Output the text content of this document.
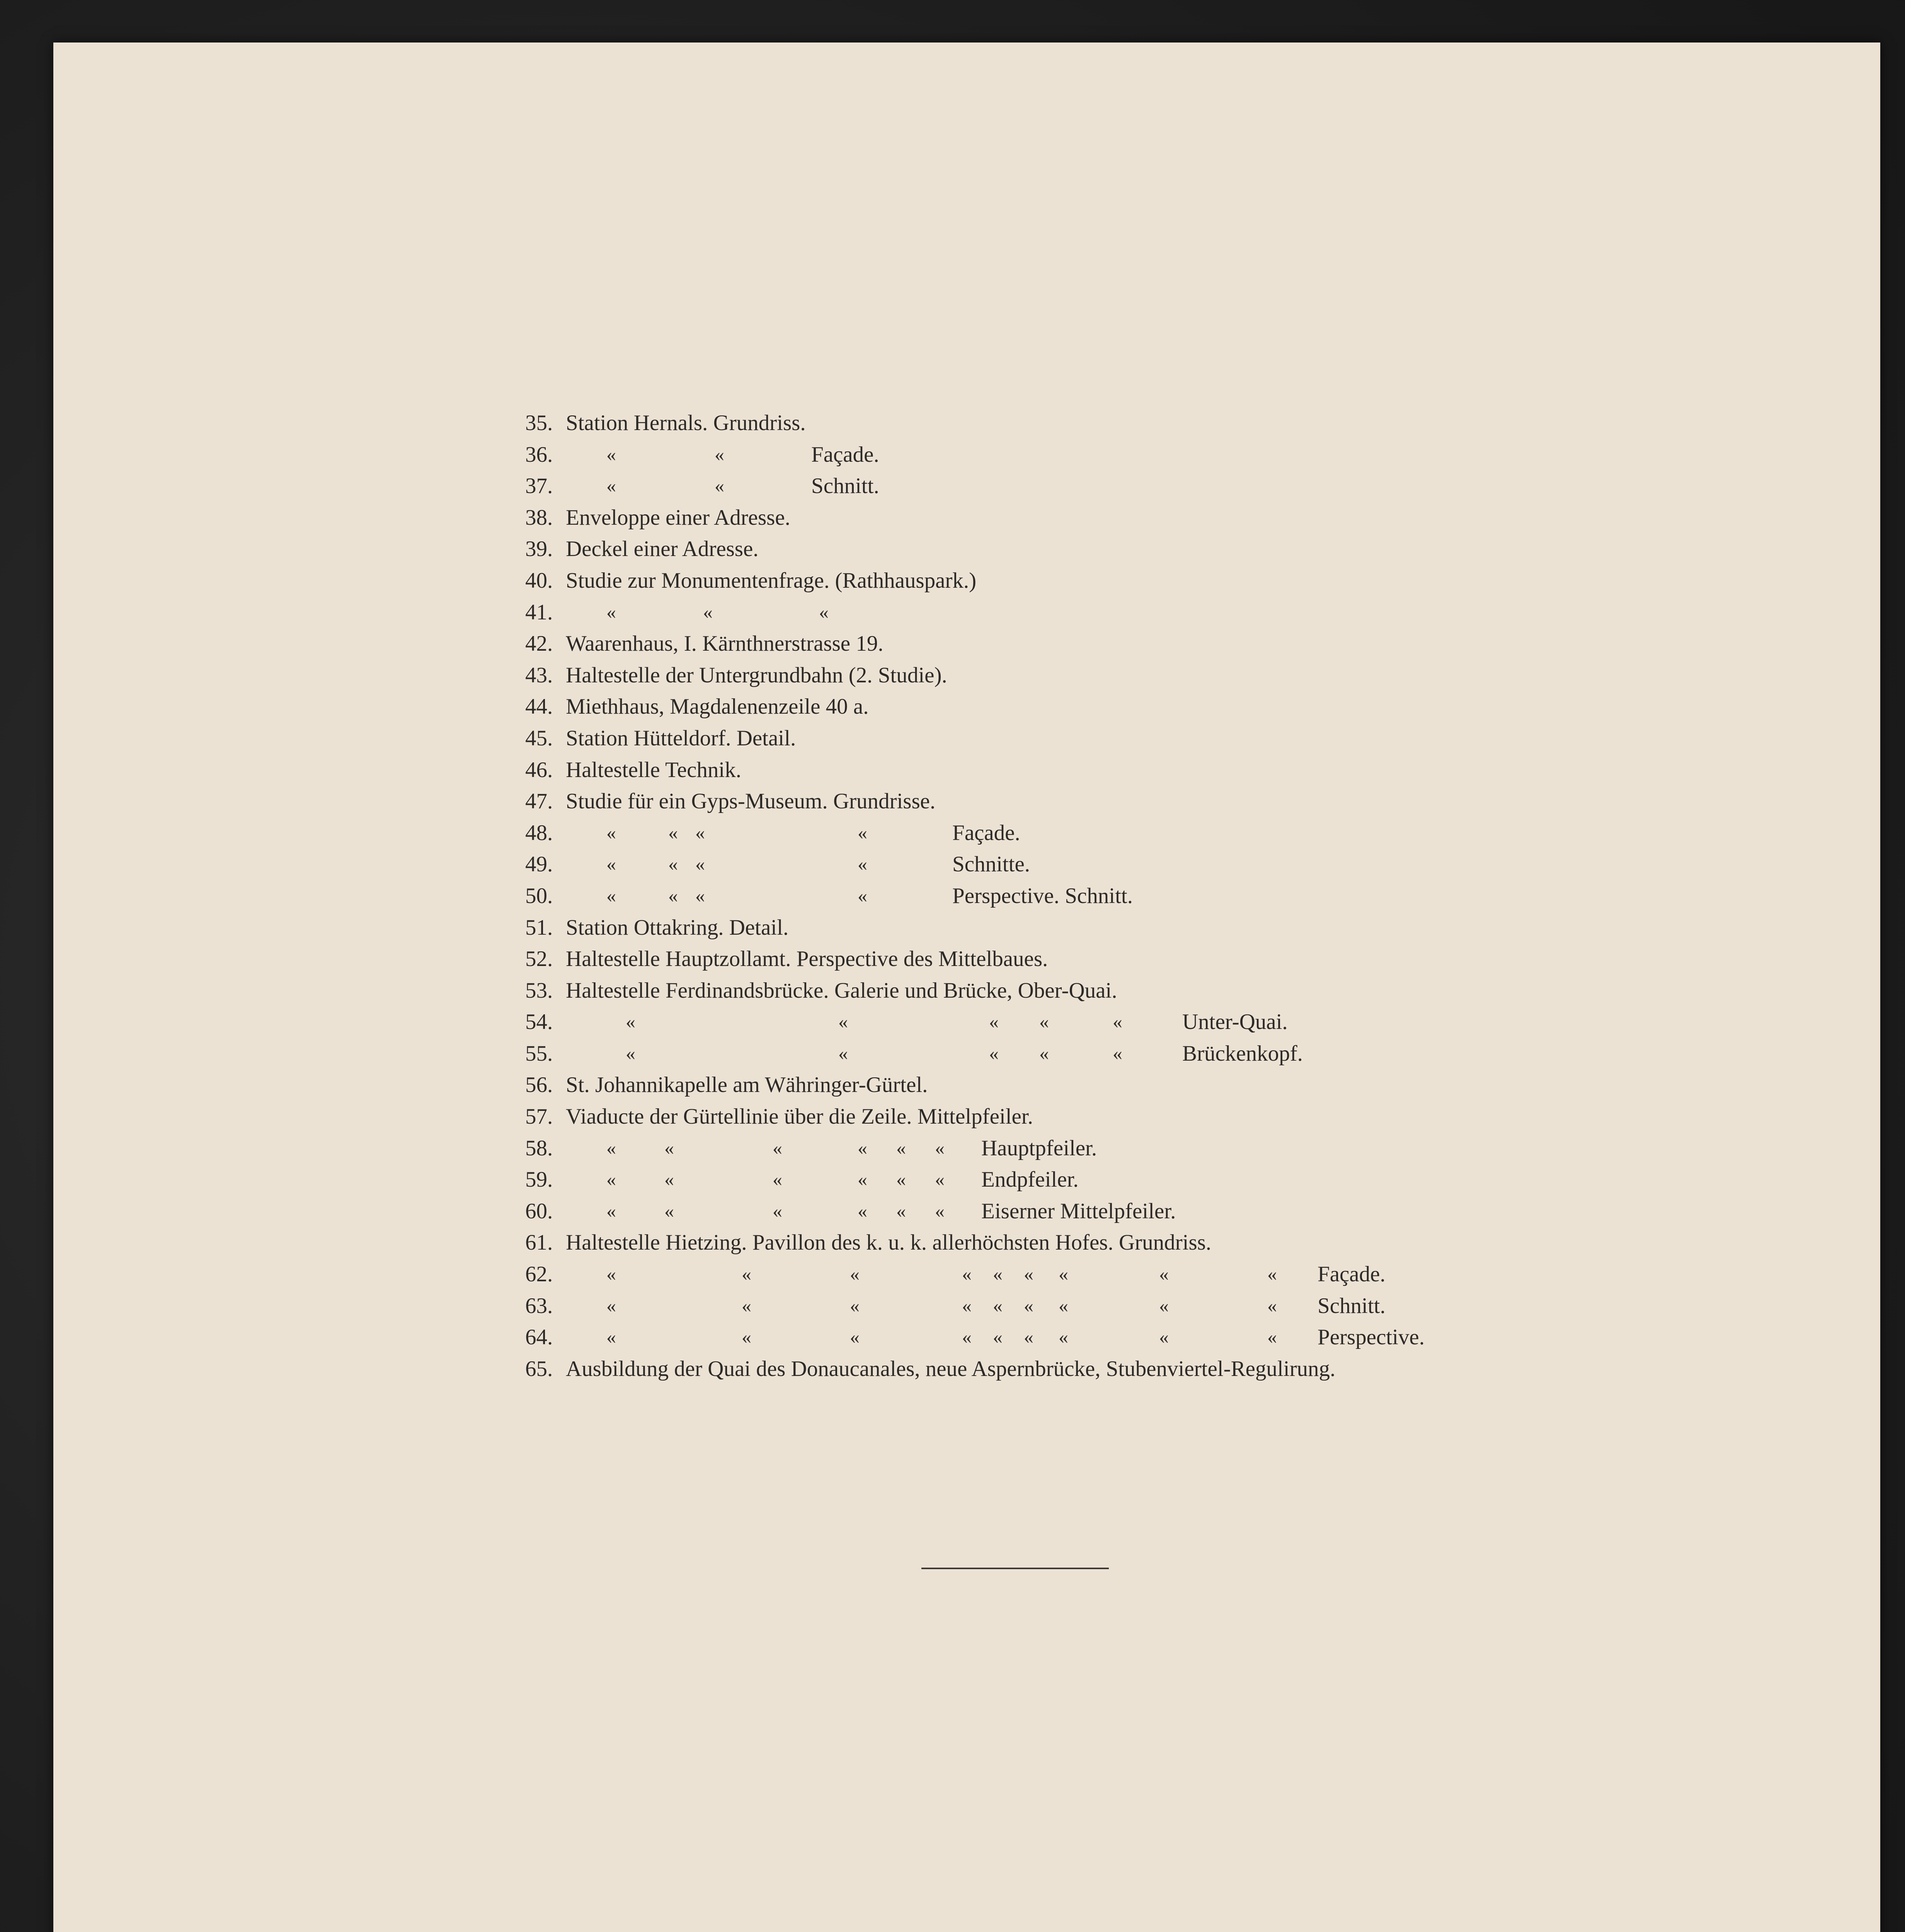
35. Station Hernals. Grundriss.
36.	«	«	Façade.
37.	«	«	Schnitt.
38. Enveloppe einer Adresse.
39. Deckel einer Adresse.
40. Studie zur Monumentenfrage. (Rathhauspark.)
41.	«	«	«
42. Waarenhaus, I. Kärnthnerstrasse 19.
43. Haltestelle der Untergrundbahn (2. Studie).
44. Miethhaus, Magdalenenzeile 40 a.
45. Station Hütteldorf. Detail.
46. Haltestelle Technik.
47. Studie für ein Gyps-Museum. Grundrisse.
48.	«	« «	«	Façade.
49.	«	« «	«	Schnitte.
50.	«	« «	«	Perspective. Schnitt.
51. Station Ottakring. Detail.
52. Haltestelle Hauptzollamt. Perspective des Mittelbaues.
53. Haltestelle Ferdinandsbrücke. Galerie und Brücke, Ober-Quai.
54.	«	«	« «	«	Unter-Quai.
55.	«	«	« «	«	Brückenkopf.
56. St. Johannikapelle am Währinger-Gürtel.
57. Viaducte der Gürtellinie über die Zeile. Mittelpfeiler.
58.	«	«	«	« « « Hauptpfeiler.
59.	«	«	«	« « « Endpfeiler.
60.	«	«	«	« « « Eiserner Mittelpfeiler.
61. Haltestelle Hietzing. Pavillon des k. u. k. allerhöchsten Hofes. Grundriss.
62.	«	«	«	« « « «	«	« Façade.
63.	«	«	«	« « « «	«	« Schnitt.
64.	«	«	«	« « « «	«	« Perspective.
65. Ausbildung der Quai des Donaucanales, neue Aspernbrücke, Stubenviertel-Regulirung.
